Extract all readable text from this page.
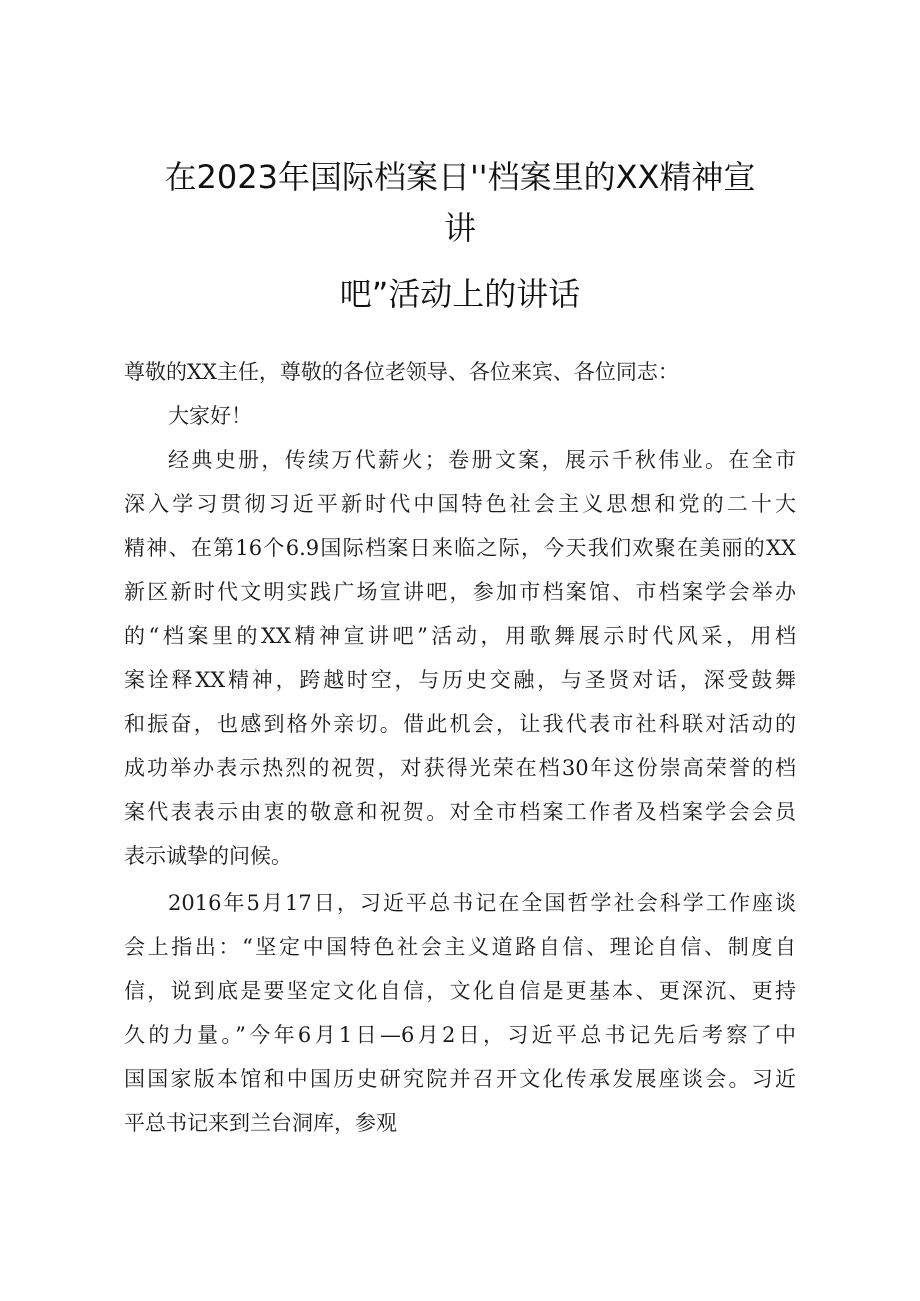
在2023年国际档案日''档案里的XX精神宣
讲
吧”活动上的讲话
尊敬的XX主任，尊敬的各位老领导、各位来宾、各位同志：
大家好！
经典史册，传续万代薪火；卷册文案，展示千秋伟业。在全市
深入学习贯彻习近平新时代中国特色社会主义思想和党的二十大
精神、在第16个6.9国际档案日来临之际，今天我们欢聚在美丽的XX
新区新时代文明实践广场宣讲吧，参加市档案馆、市档案学会举办
的“档案里的XX精神宣讲吧”活动，用歌舞展示时代风采，用档
案诠释XX精神，跨越时空，与历史交融，与圣贤对话，深受鼓舞
和振奋，也感到格外亲切。借此机会，让我代表市社科联对活动的
成功举办表示热烈的祝贺，对获得光荣在档30年这份崇高荣誉的档
案代表表示由衷的敬意和祝贺。对全市档案工作者及档案学会会员
表示诚挚的问候。
2016年5月17日，习近平总书记在全国哲学社会科学工作座谈
会上指出：“坚定中国特色社会主义道路自信、理论自信、制度自
信，说到底是要坚定文化自信，文化自信是更基本、更深沉、更持
久的力量。”今年6月1日—6月2日，习近平总书记先后考察了中
国国家版本馆和中国历史研究院并召开文化传承发展座谈会。习近
平总书记来到兰台洞库，参观
